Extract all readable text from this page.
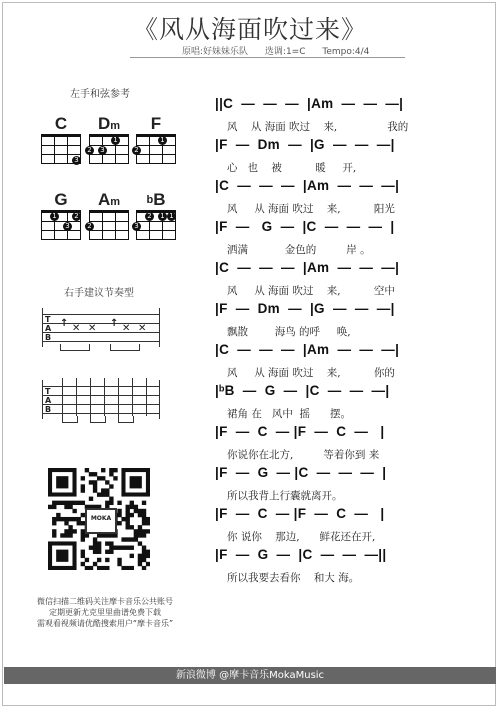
《风从海面吹过来》
原唱:好妹妹乐队 选调:1=C Tempo:4/4
左手和弦参考
C
3
Dm
2	3
1
F
2
1
G
1	2
3
Am
2
$^b$B
3
2	1 1
右手建议节奏型
T
A
B
↑ ✕ ✕ ↑ ✕ ✕
T
A
B
MOKA
微信扫描二维码关注摩卡音乐公共账号
定期更新尤克里里曲谱免费下载
需观看视频请优酷搜索用户“摩卡音乐”
||C  —  —  —  |Am  —  —  —|
风    从 海面 吹过    来,               我的
|F  —  Dm  —  |G  —  —  —|
心   也    被          暖     开,
|C  —  —  —  |Am  —  —  —|
风     从 海面 吹过    来,          阳光
|F  —   G  —  |C  —  —  —  |
洒满           金色的         岸 。
|C  —  —  —  |Am  —  —  —|
风     从 海面 吹过    来,          空中
|F  —  Dm  —  |G  —  —  —|
飘散        海鸟 的呼     唤,
|C  —  —  —  |Am  —  —  —|
风     从 海面 吹过    来,          你的
|ᵇB  —  G  —  |C  —  —  —|
裙角 在   风中  摇      摆。
|F  —  C  — |F  —  C  —   |
你说你在北方,         等着你到 来
|F  —  G  — |C  —  —  —  |
所以我背上行囊就离开。
|F  —  C  — |F  —  C  —   |
你 说你    那边,      鲜花还在开,
|F  —  G  —  |C  —  —  —||
所以我要去看你    和大 海。
新浪微博 @摩卡音乐MokaMusic
